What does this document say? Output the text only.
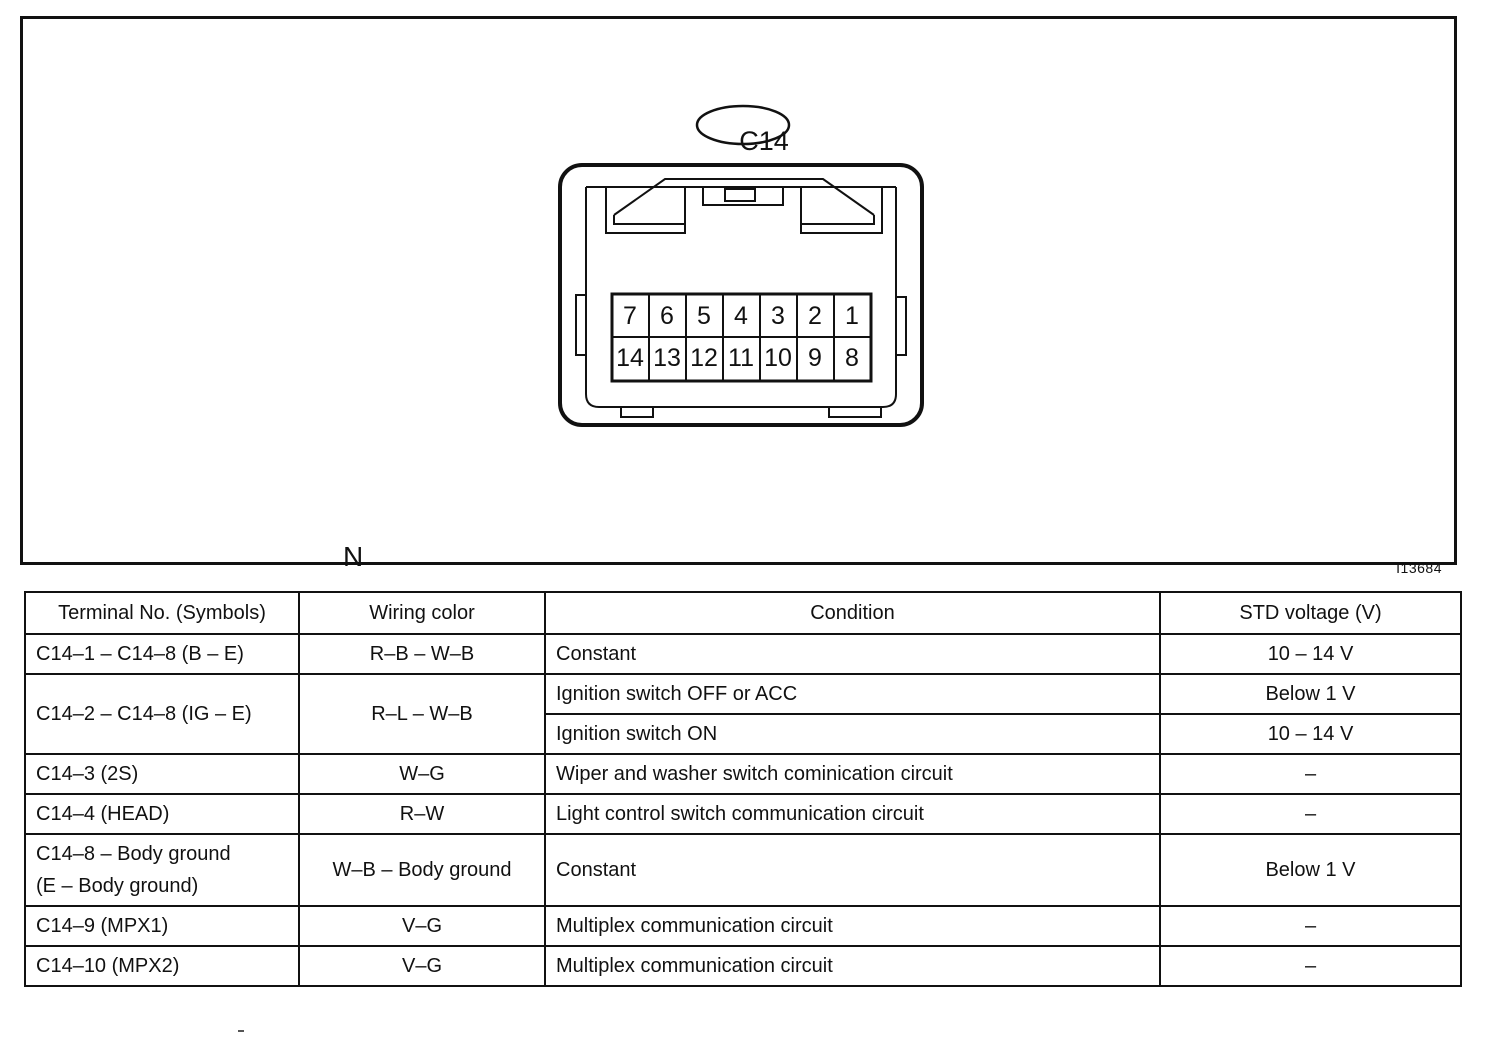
C14
7 6 5 4 3 2 1
14 13 12 11 10 9 8
N	I13684
Terminal No. (Symbols)	Wiring color	Condition	STD voltage (V)
C14–1 – C14–8 (B – E)	R–B – W–B	Constant	10 – 14 V
C14–2 – C14–8 (IG – E)	R–L – W–B	Ignition switch OFF or ACC	Below 1 V
		Ignition switch ON	10 – 14 V
C14–3 (2S)	W–G	Wiper and washer switch cominication circuit	–
C14–4 (HEAD)	R–W	Light control switch communication circuit	–

C14–8 – Body ground
(E – Body ground)	W–B – Body ground	Constant	Below 1 V
C14–9 (MPX1)	V–G	Multiplex communication circuit	–
C14–10 (MPX2)	V–G	Multiplex communication circuit	–
